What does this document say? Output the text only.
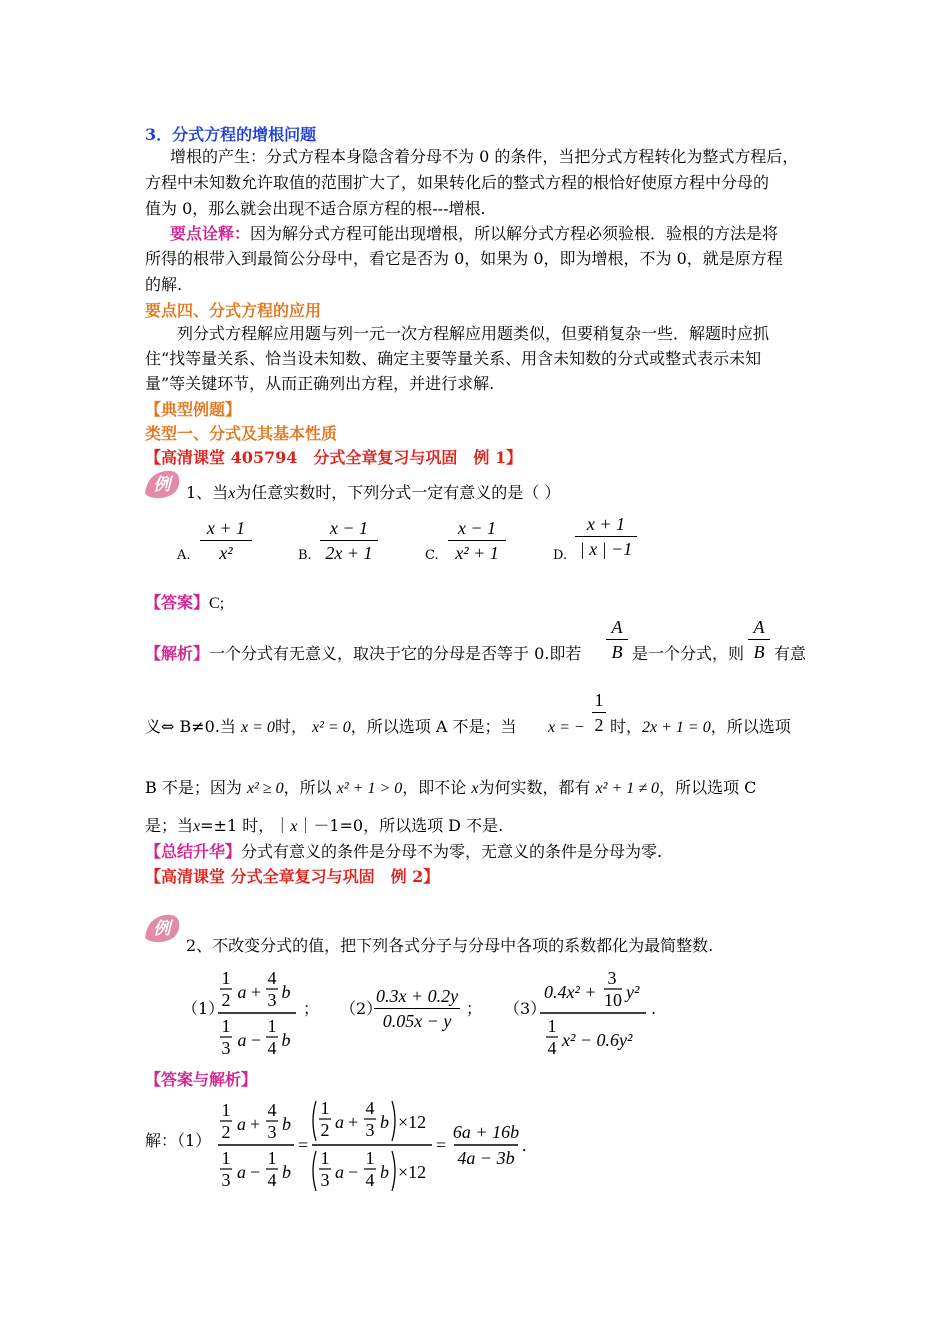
3．分式方程的增根问题
增根的产生：分式方程本身隐含着分母不为 0 的条件，当把分式方程转化为整式方程后，
方程中未知数允许取值的范围扩大了，如果转化后的整式方程的根恰好使原方程中分母的
值为 0，那么就会出现不适合原方程的根---增根.
要点诠释：因为解分式方程可能出现增根，所以解分式方程必须验根．验根的方法是将
所得的根带入到最简公分母中，看它是否为 0，如果为 0，即为增根，不为 0，就是原方程
的解.
要点四、分式方程的应用
列分式方程解应用题与列一元一次方程解应用题类似，但要稍复杂一些．解题时应抓
住“找等量关系、恰当设未知数、确定主要等量关系、用含未知数的分式或整式表示未知
量”等关键环节，从而正确列出方程，并进行求解.
【典型例题】
类型一、分式及其基本性质
【高清课堂 405794　分式全章复习与巩固　例 1】
例 1、当x为任意实数时，下列分式一定有意义的是（ ）
A.
x + 1
x²	B.
x − 1
2x + 1	C.
x − 1
x² + 1	D.
x + 1
| x | −1
【答案】C;
【解析】一个分式有无意义，取决于它的分母是否等于 0.即若
A
B 是一个分式，则
A
B 有意
义⇔ B≠0.当 x = 0时， x² = 0，所以选项 A 不是；当 x = −
1
2 时，2x + 1 = 0，所以选项
B 不是；因为 x² ≥ 0，所以 x² + 1 > 0，即不论 x为何实数，都有 x² + 1 ≠ 0，所以选项 C
是；当x=±1 时，｜x｜－1=0，所以选项 D 不是.
【总结升华】分式有意义的条件是分母不为零，无意义的条件是分母为零.
【高清课堂 分式全章复习与巩固　例 2】
例
2、不改变分式的值，把下列各式分子与分母中各项的系数都化为最简整数.
（1）
1
2 a +
4
3 b
1
3 a −
1
4 b
； （2）
0.3x + 0.2y
0.05x − y
； （3）
0.4x² +
3
10 y²
1
4 x² − 0.6y²
.
【答案与解析】
解：（1）
1
2 a +
4
3 b
1
3 a −
1
4 b
=
1
2 a +
4
3 b ×12
1
3 a −
1
4 b ×12
=
6a + 16b
4a − 3b
.
